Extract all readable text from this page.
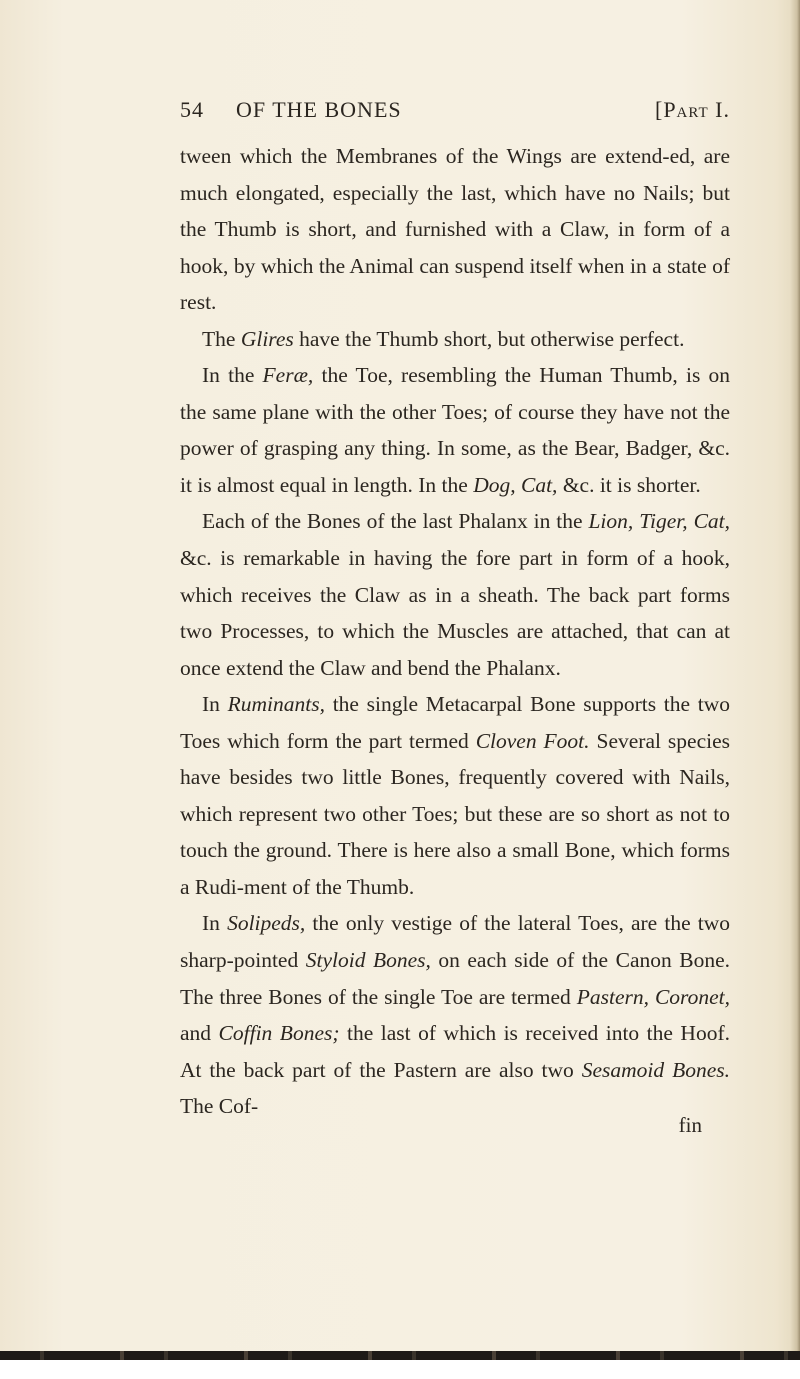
54 OF THE BONES	[Part I.

tween which the Membranes of the Wings are extend-ed, are much elongated, especially the last, which have no Nails; but the Thumb is short, and furnished with a Claw, in form of a hook, by which the Animal can suspend itself when in a state of rest.

The Glires have the Thumb short, but otherwise perfect.

In the Feræ, the Toe, resembling the Human Thumb, is on the same plane with the other Toes; of course they have not the power of grasping any thing. In some, as the Bear, Badger, &c. it is almost equal in length. In the Dog, Cat, &c. it is shorter.

Each of the Bones of the last Phalanx in the Lion, Tiger, Cat, &c. is remarkable in having the fore part in form of a hook, which receives the Claw as in a sheath. The back part forms two Processes, to which the Muscles are attached, that can at once extend the Claw and bend the Phalanx.

In Ruminants, the single Metacarpal Bone supports the two Toes which form the part termed Cloven Foot. Several species have besides two little Bones, frequently covered with Nails, which represent two other Toes; but these are so short as not to touch the ground. There is here also a small Bone, which forms a Rudi-ment of the Thumb.

In Solipeds, the only vestige of the lateral Toes, are the two sharp-pointed Styloid Bones, on each side of the Canon Bone. The three Bones of the single Toe are termed Pastern, Coronet, and Coffin Bones; the last of which is received into the Hoof. At the back part of the Pastern are also two Sesamoid Bones. The Cof-

fin
